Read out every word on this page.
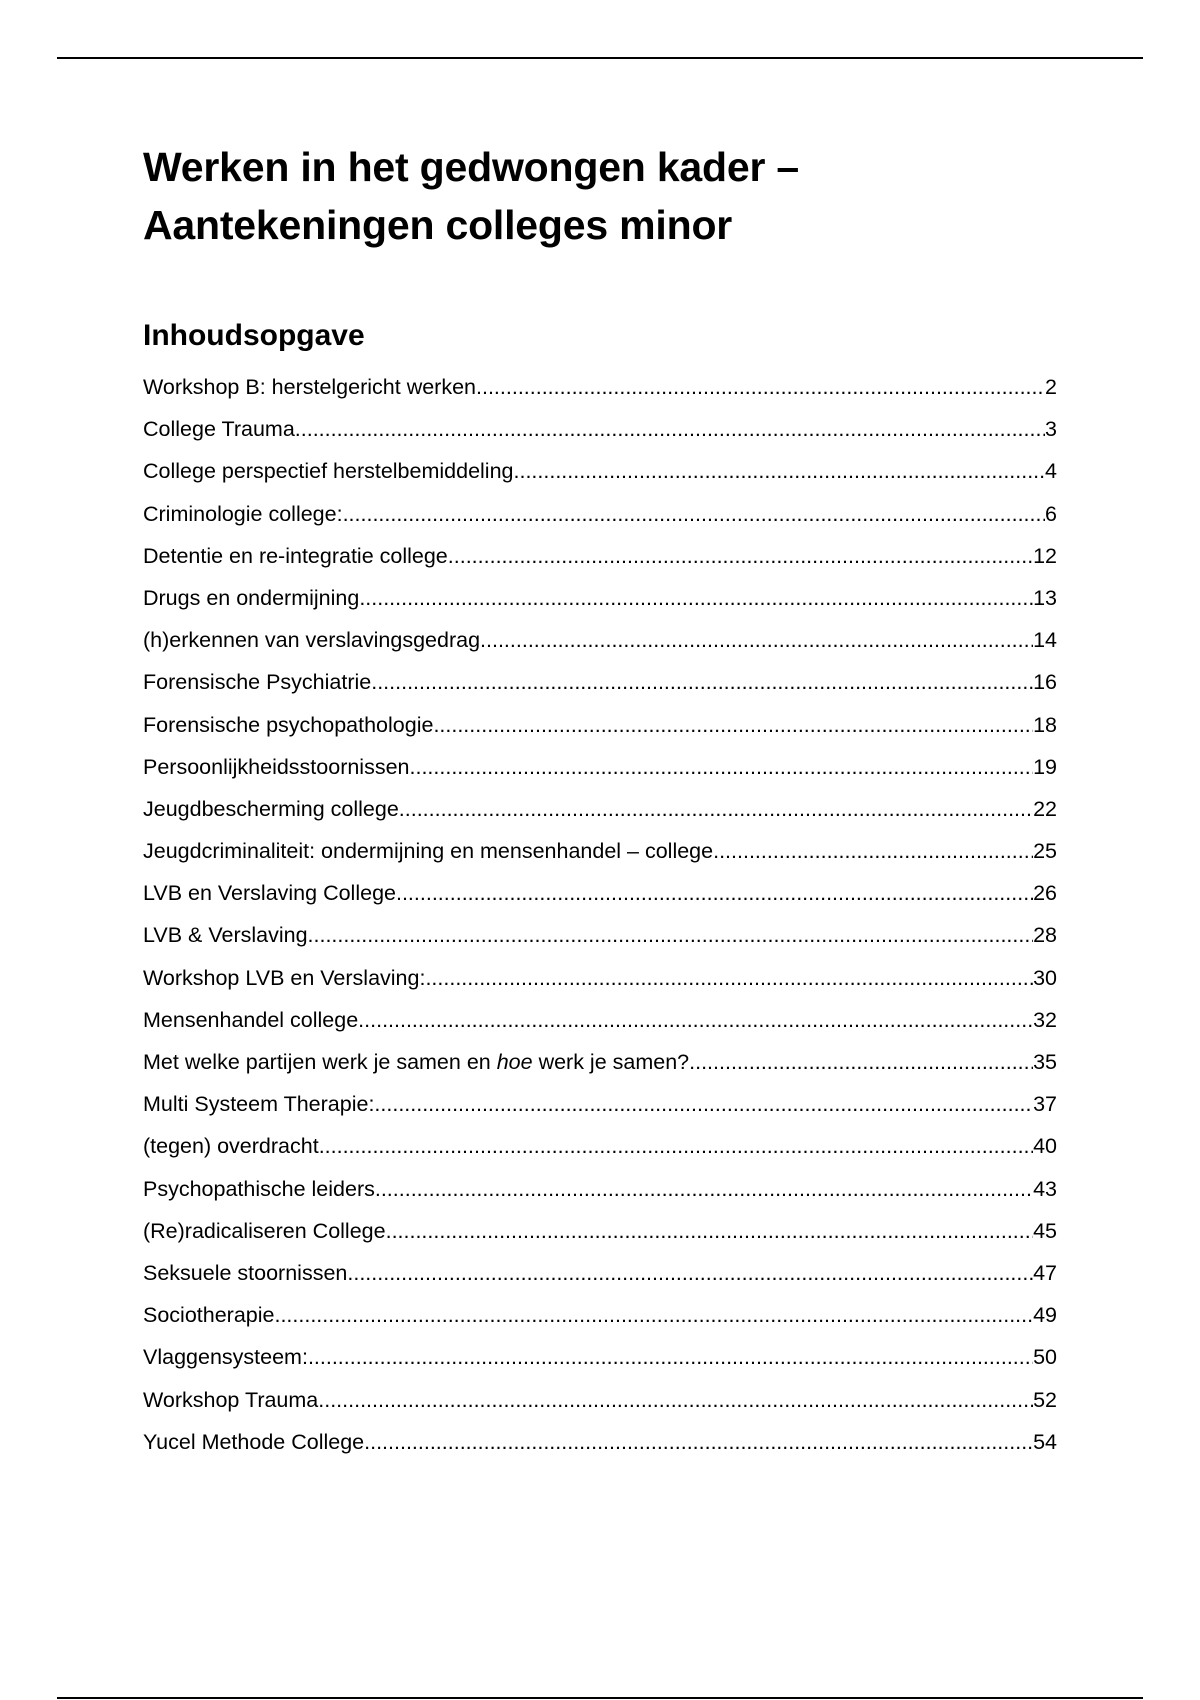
Werken in het gedwongen kader –
Aantekeningen colleges minor
Inhoudsopgave
Workshop B: herstelgericht werken .....	2
College Trauma .....	3
College perspectief herstelbemiddeling .....	4
Criminologie college: .....	6
Detentie en re-integratie college .....	12
Drugs en ondermijning .....	13
(h)erkennen van verslavingsgedrag .....	14
Forensische Psychiatrie .....	16
Forensische psychopathologie .....	18
Persoonlijkheidsstoornissen .....	19
Jeugdbescherming college .....	22
Jeugdcriminaliteit: ondermijning en mensenhandel – college .....	25
LVB en Verslaving College .....	26
LVB & Verslaving .....	28
Workshop LVB en Verslaving: .....	30
Mensenhandel college .....	32
Met welke partijen werk je samen en hoe werk je samen? .....	35
Multi Systeem Therapie: .....	37
(tegen) overdracht .....	40
Psychopathische leiders .....	43
(Re)radicaliseren College .....	45
Seksuele stoornissen .....	47
Sociotherapie .....	49
Vlaggensysteem: .....	50
Workshop Trauma .....	52
Yucel Methode College .....	54
